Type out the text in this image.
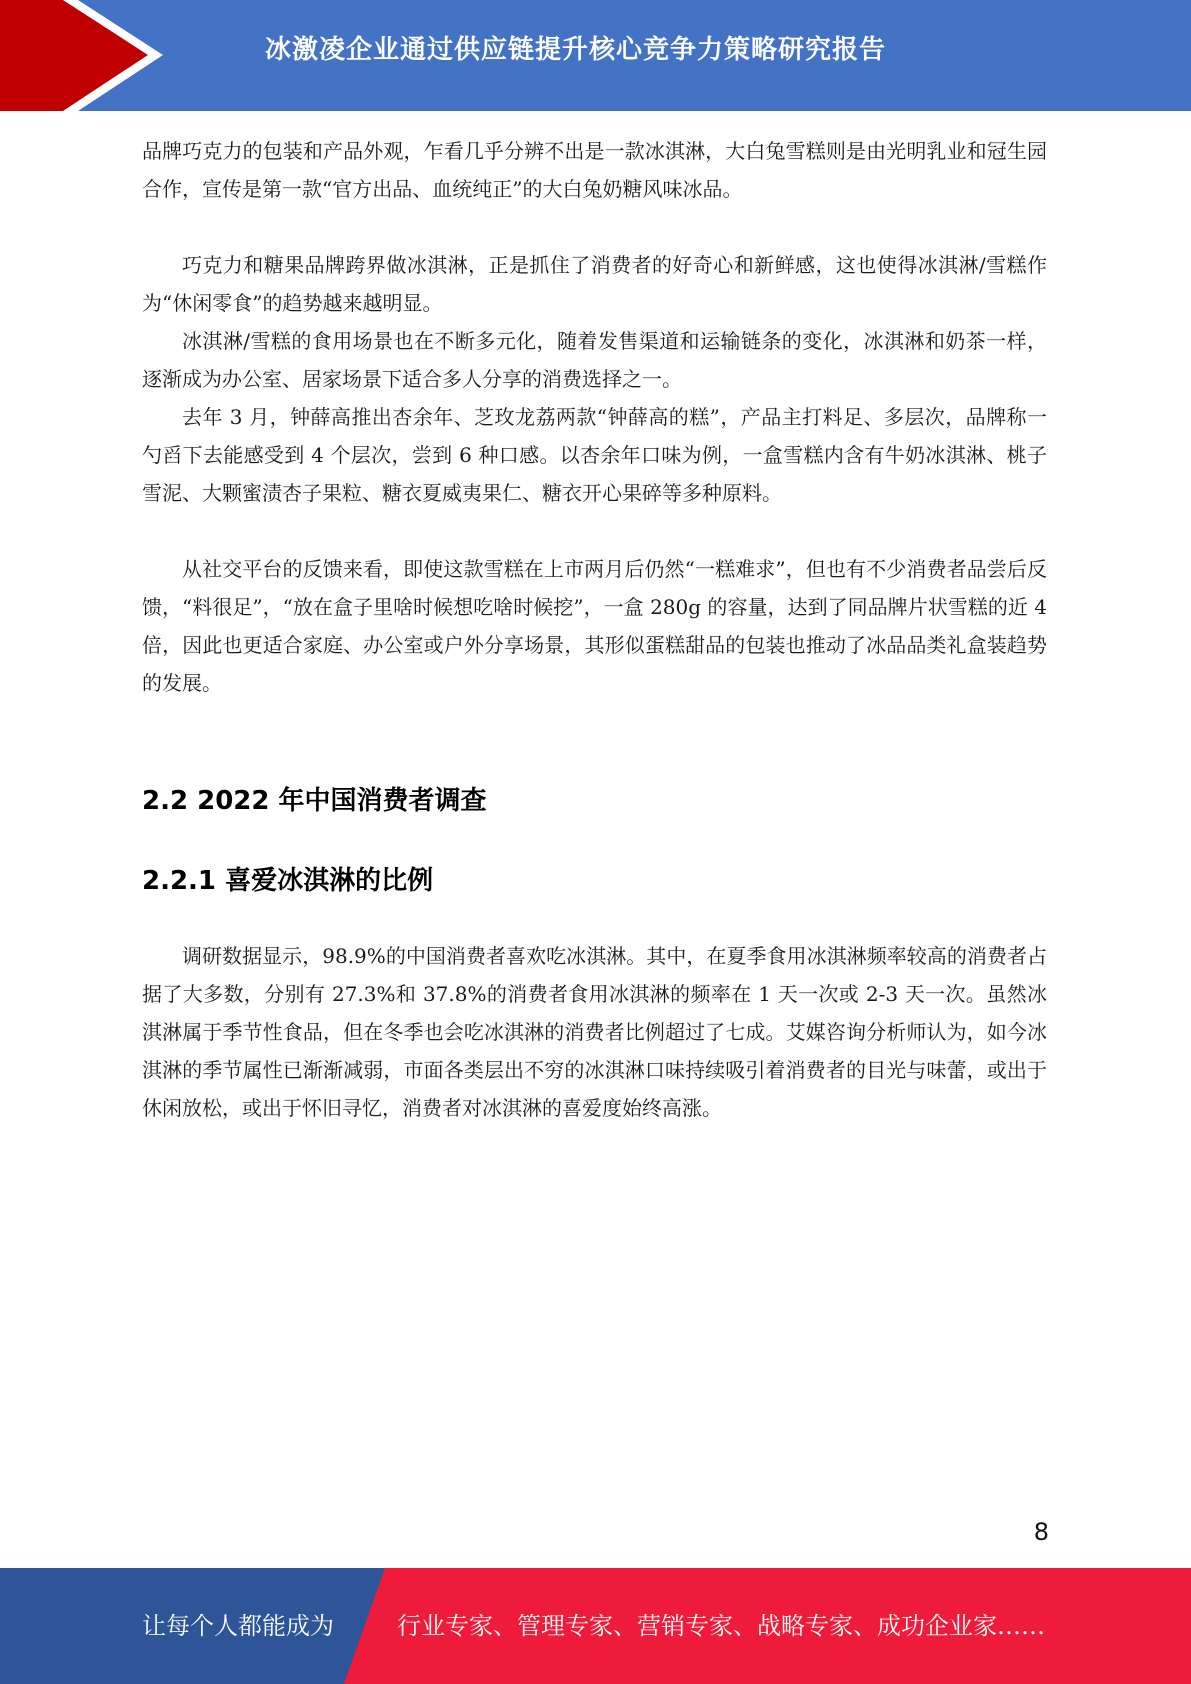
冰激凌企业通过供应链提升核心竞争力策略研究报告

品牌巧克力的包装和产品外观，乍看几乎分辨不出是一款冰淇淋，大白兔雪糕则是由光明乳业和冠生园合作，宣传是第一款“官方出品、血统纯正”的大白兔奶糖风味冰品。

巧克力和糖果品牌跨界做冰淇淋，正是抓住了消费者的好奇心和新鲜感，这也使得冰淇淋/雪糕作为“休闲零食”的趋势越来越明显。

冰淇淋/雪糕的食用场景也在不断多元化，随着发售渠道和运输链条的变化，冰淇淋和奶茶一样，逐渐成为办公室、居家场景下适合多人分享的消费选择之一。

去年 3 月，钟薛高推出杏余年、芝玫龙荔两款“钟薛高的糕”，产品主打料足、多层次，品牌称一勺舀下去能感受到 4 个层次，尝到 6 种口感。以杏余年口味为例，一盒雪糕内含有牛奶冰淇淋、桃子雪泥、大颗蜜渍杏子果粒、糖衣夏威夷果仁、糖衣开心果碎等多种原料。

从社交平台的反馈来看，即使这款雪糕在上市两月后仍然“一糕难求”，但也有不少消费者品尝后反馈，“料很足”，“放在盒子里啥时候想吃啥时候挖”，一盒 280g 的容量，达到了同品牌片状雪糕的近 4 倍，因此也更适合家庭、办公室或户外分享场景，其形似蛋糕甜品的包装也推动了冰品品类礼盒装趋势的发展。

2.2 2022 年中国消费者调查
2.2.1 喜爱冰淇淋的比例

调研数据显示，98.9%的中国消费者喜欢吃冰淇淋。其中，在夏季食用冰淇淋频率较高的消费者占据了大多数，分别有 27.3%和 37.8%的消费者食用冰淇淋的频率在 1 天一次或 2-3 天一次。虽然冰淇淋属于季节性食品，但在冬季也会吃冰淇淋的消费者比例超过了七成。艾媒咨询分析师认为，如今冰淇淋的季节属性已渐渐减弱，市面各类层出不穷的冰淇淋口味持续吸引着消费者的目光与味蕾，或出于休闲放松，或出于怀旧寻忆，消费者对冰淇淋的喜爱度始终高涨。

8
让每个人都能成为	行业专家、管理专家、营销专家、战略专家、成功企业家……
